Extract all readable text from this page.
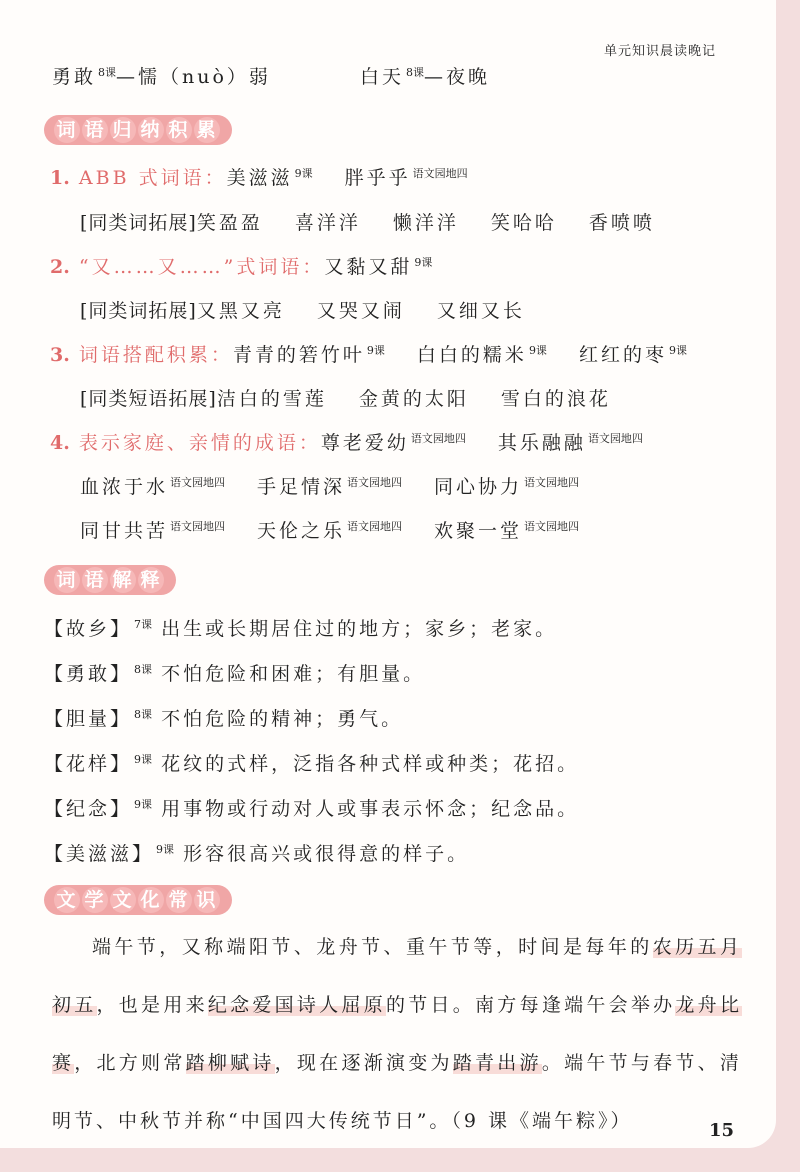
单元知识晨读晚记
勇敢 $^{8课}$—懦（nuò）弱	白天 $^{8课}$—夜晚
词 语 归 纳 积 累
1. ABB 式词语：美滋滋 $^{9课}$ 胖乎乎 $^{语文园地四}$
[同类词拓展]笑盈盈 喜洋洋 懒洋洋 笑哈哈 香喷喷
2. “又……又……”式词语：又黏又甜 $^{9课}$
[同类词拓展]又黑又亮 又哭又闹 又细又长
3. 词语搭配积累：青青的箬竹叶 $^{9课}$ 白白的糯米 $^{9课}$ 红红的枣 $^{9课}$
[同类短语拓展]洁白的雪莲 金黄的太阳 雪白的浪花
4. 表示家庭、亲情的成语：尊老爱幼 $^{语文园地四}$ 其乐融融 $^{语文园地四}$
血浓于水 $^{语文园地四}$ 手足情深 $^{语文园地四}$ 同心协力 $^{语文园地四}$
同甘共苦 $^{语文园地四}$ 天伦之乐 $^{语文园地四}$ 欢聚一堂 $^{语文园地四}$
词 语 解 释
【故乡】 $^{7课}$ 出生或长期居住过的地方；家乡；老家。
【勇敢】 $^{8课}$ 不怕危险和困难；有胆量。
【胆量】 $^{8课}$ 不怕危险的精神；勇气。
【花样】 $^{9课}$ 花纹的式样，泛指各种式样或种类；花招。
【纪念】 $^{9课}$ 用事物或行动对人或事表示怀念；纪念品。
【美滋滋】 $^{9课}$ 形容很高兴或很得意的样子。
文 学 文 化 常 识
端午节，又称端阳节、龙舟节、重午节等，时间是每年的农历五月初五，也是用来纪念爱国诗人屈原的节日。南方每逢端午会举办龙舟比赛，北方则常踏柳赋诗，现在逐渐演变为踏青出游。端午节与春节、清明节、中秋节并称“中国四大传统节日”。（9 课《端午粽》）	15
